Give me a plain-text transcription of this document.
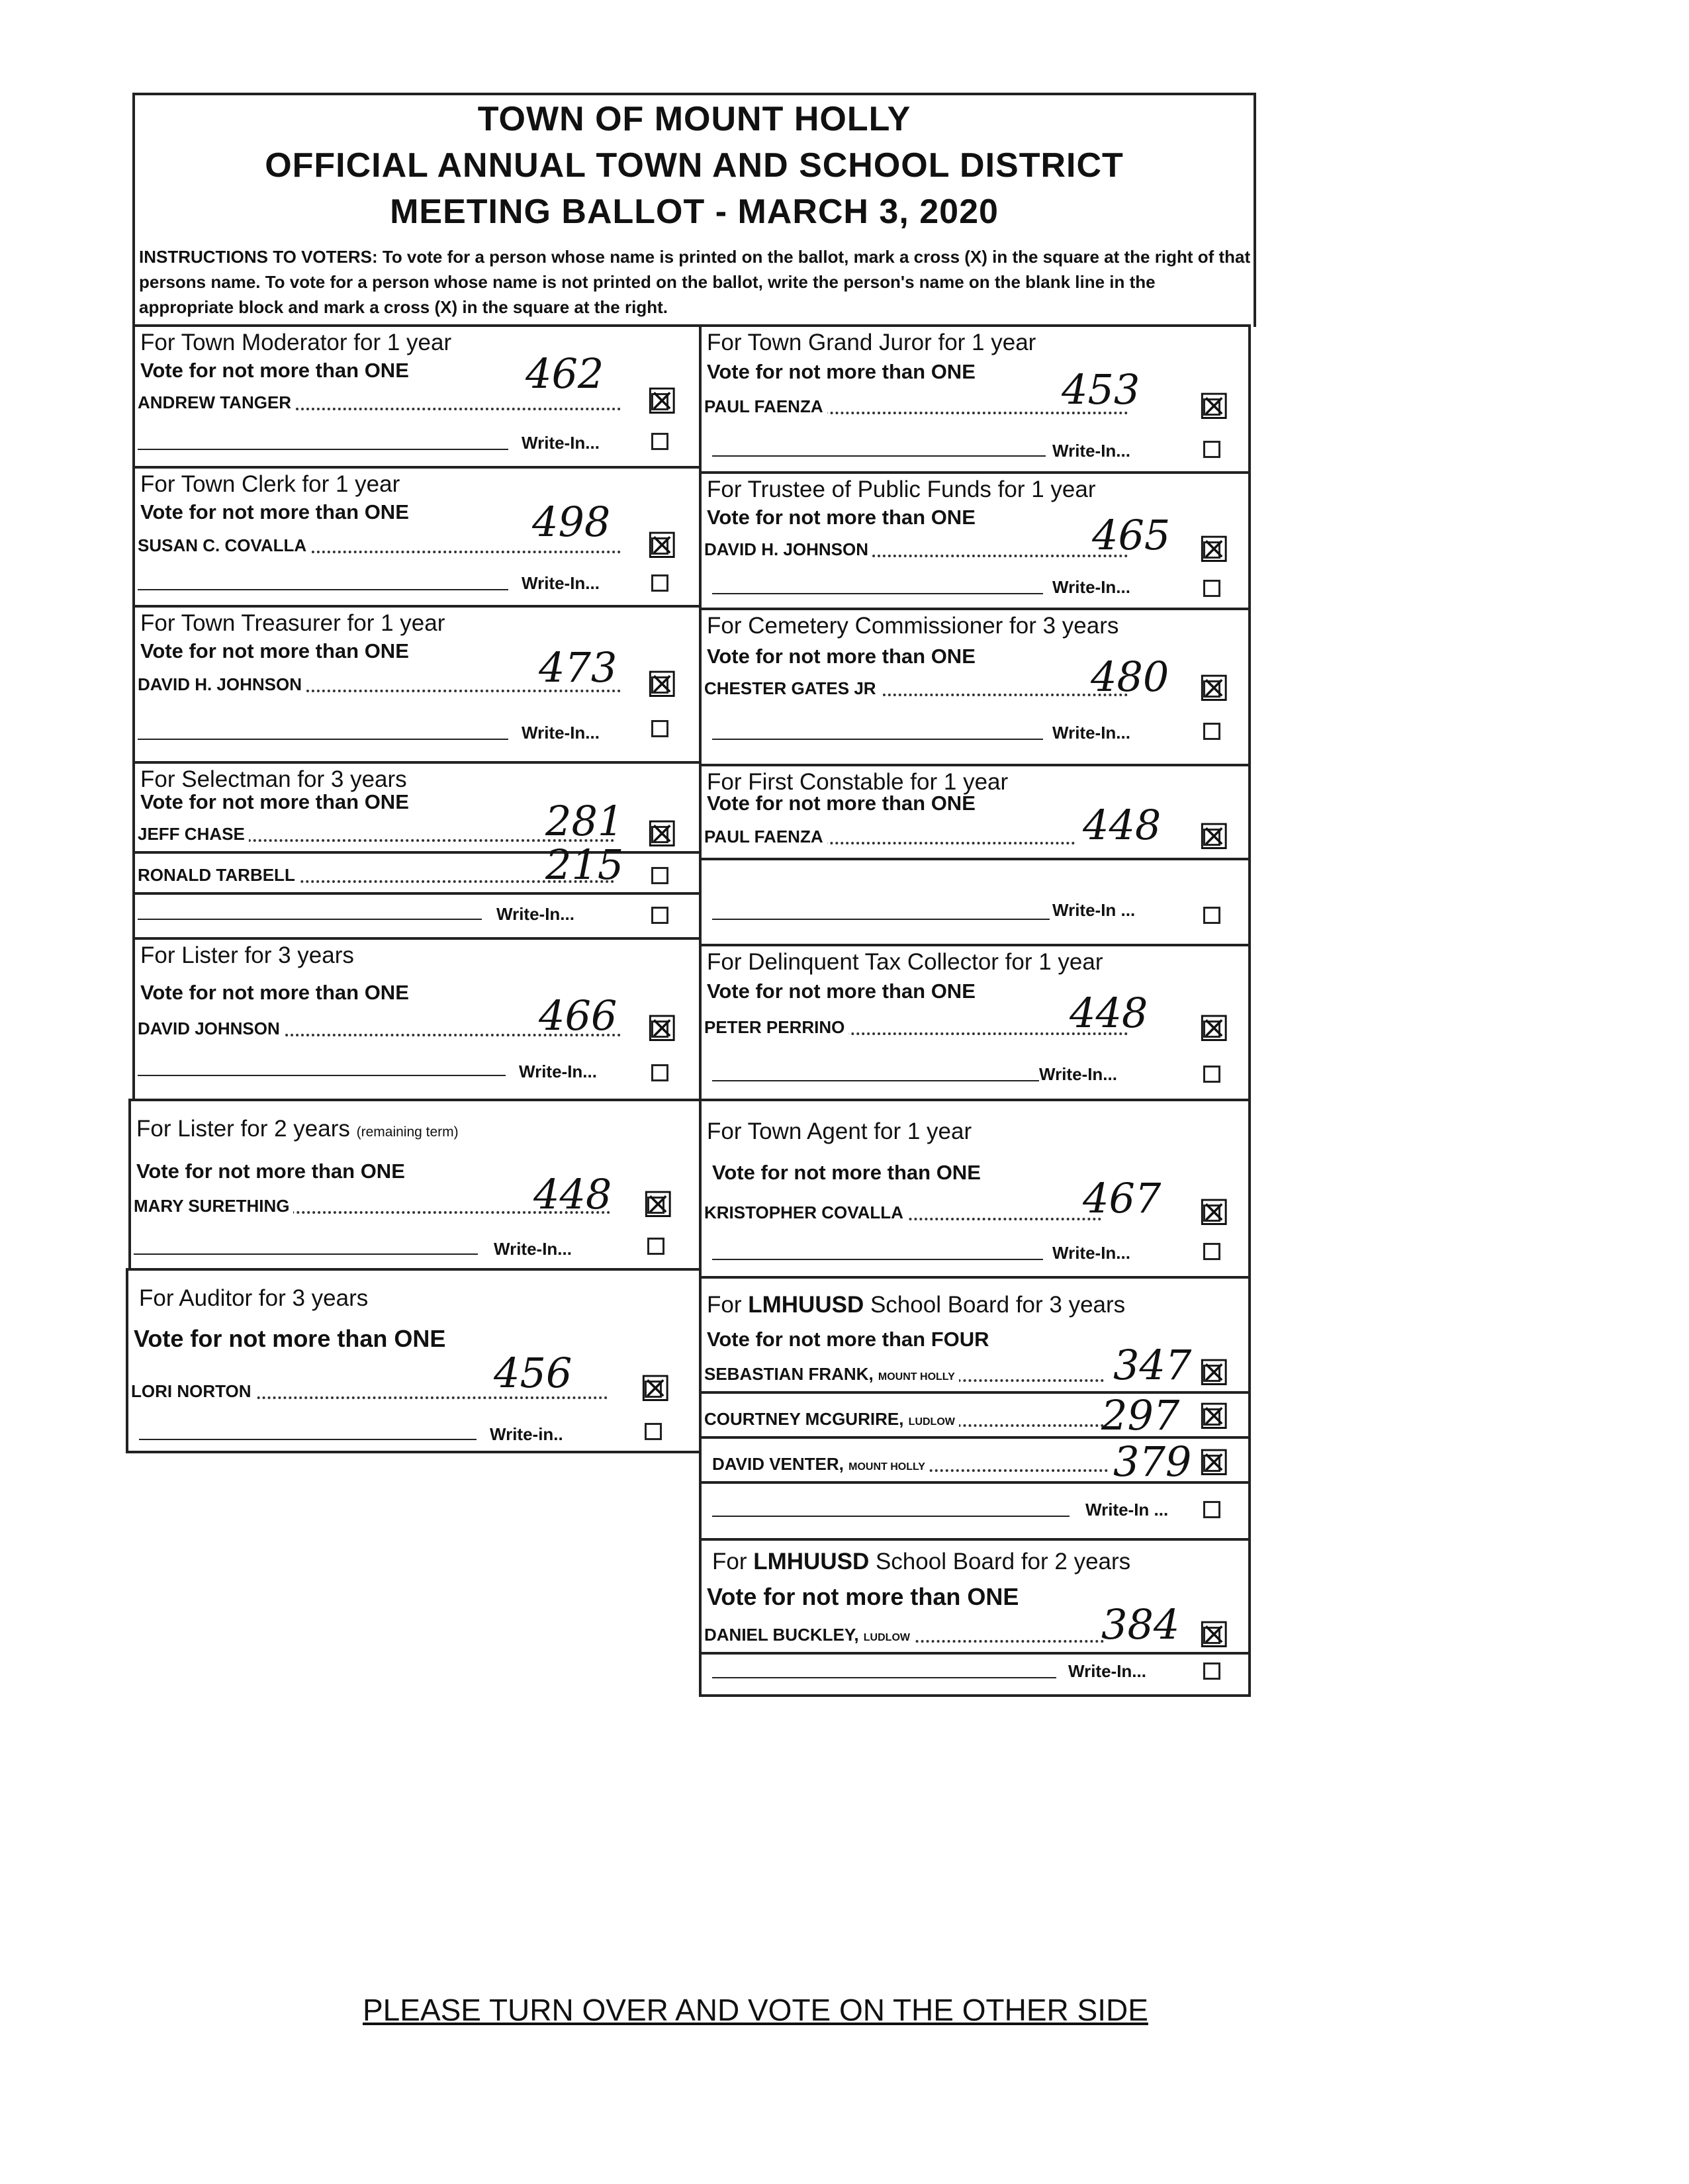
TOWN OF MOUNT HOLLY
OFFICIAL ANNUAL TOWN AND SCHOOL DISTRICT
MEETING BALLOT - MARCH 3, 2020
INSTRUCTIONS TO VOTERS: To vote for a person whose name is printed on the ballot, mark a cross (X) in the square at the right of that persons name. To vote for a person whose name is not printed on the ballot, write the person's name on the blank line in the appropriate block and mark a cross (X) in the square at the right.
For Town Moderator for 1 year
Vote for not more than ONE
ANDREW TANGER
462
☒
Write-In...
For Town Clerk for 1 year
Vote for not more than ONE
SUSAN C. COVALLA	498 ☒
Write-In...
For Town Treasurer for 1 year
Vote for not more than ONE
DAVID H. JOHNSON	473 ☒
Write-In...
For Selectman for 3 years
Vote for not more than ONE
JEFF CHASE	281 ☒
RONALD TARBELL	215
Write-In...
For Lister for 3 years
Vote for not more than ONE
DAVID JOHNSON	466 ☒
Write-In...
For Lister for 2 years (remaining term)
Vote for not more than ONE
MARY SURETHING	448 ☒
Write-In...
For Auditor for 3 years
Vote for not more than ONE
LORI NORTON	456 ☒
Write-in..
For Town Grand Juror for 1 year
Vote for not more than ONE
PAUL FAENZA	453 ☒
Write-In...
For Trustee of Public Funds for 1 year
Vote for not more than ONE
DAVID H. JOHNSON	465 ☒
Write-In...
For Cemetery Commissioner for 3 years
Vote for not more than ONE
CHESTER GATES JR	480 ☒
Write-In...
For First Constable for 1 year
Vote for not more than ONE
PAUL FAENZA	448 ☒
Write-In ...
For Delinquent Tax Collector for 1 year
Vote for not more than ONE
PETER PERRINO	448 ☒
Write-In...
For Town Agent for 1 year
Vote for not more than ONE
KRISTOPHER COVALLA	467 ☒
Write-In...
For LMHUUSD School Board for 3 years
Vote for not more than FOUR
SEBASTIAN FRANK, MOUNT HOLLY	347 ☒
COURTNEY MCGURIRE, LUDLOW	297 ☒
DAVID VENTER, MOUNT HOLLY	379 ☒
Write-In ...
For LMHUUSD School Board for 2 years
Vote for not more than ONE
DANIEL BUCKLEY, LUDLOW	384 ☒
Write-In...
PLEASE TURN OVER AND VOTE ON THE OTHER SIDE
